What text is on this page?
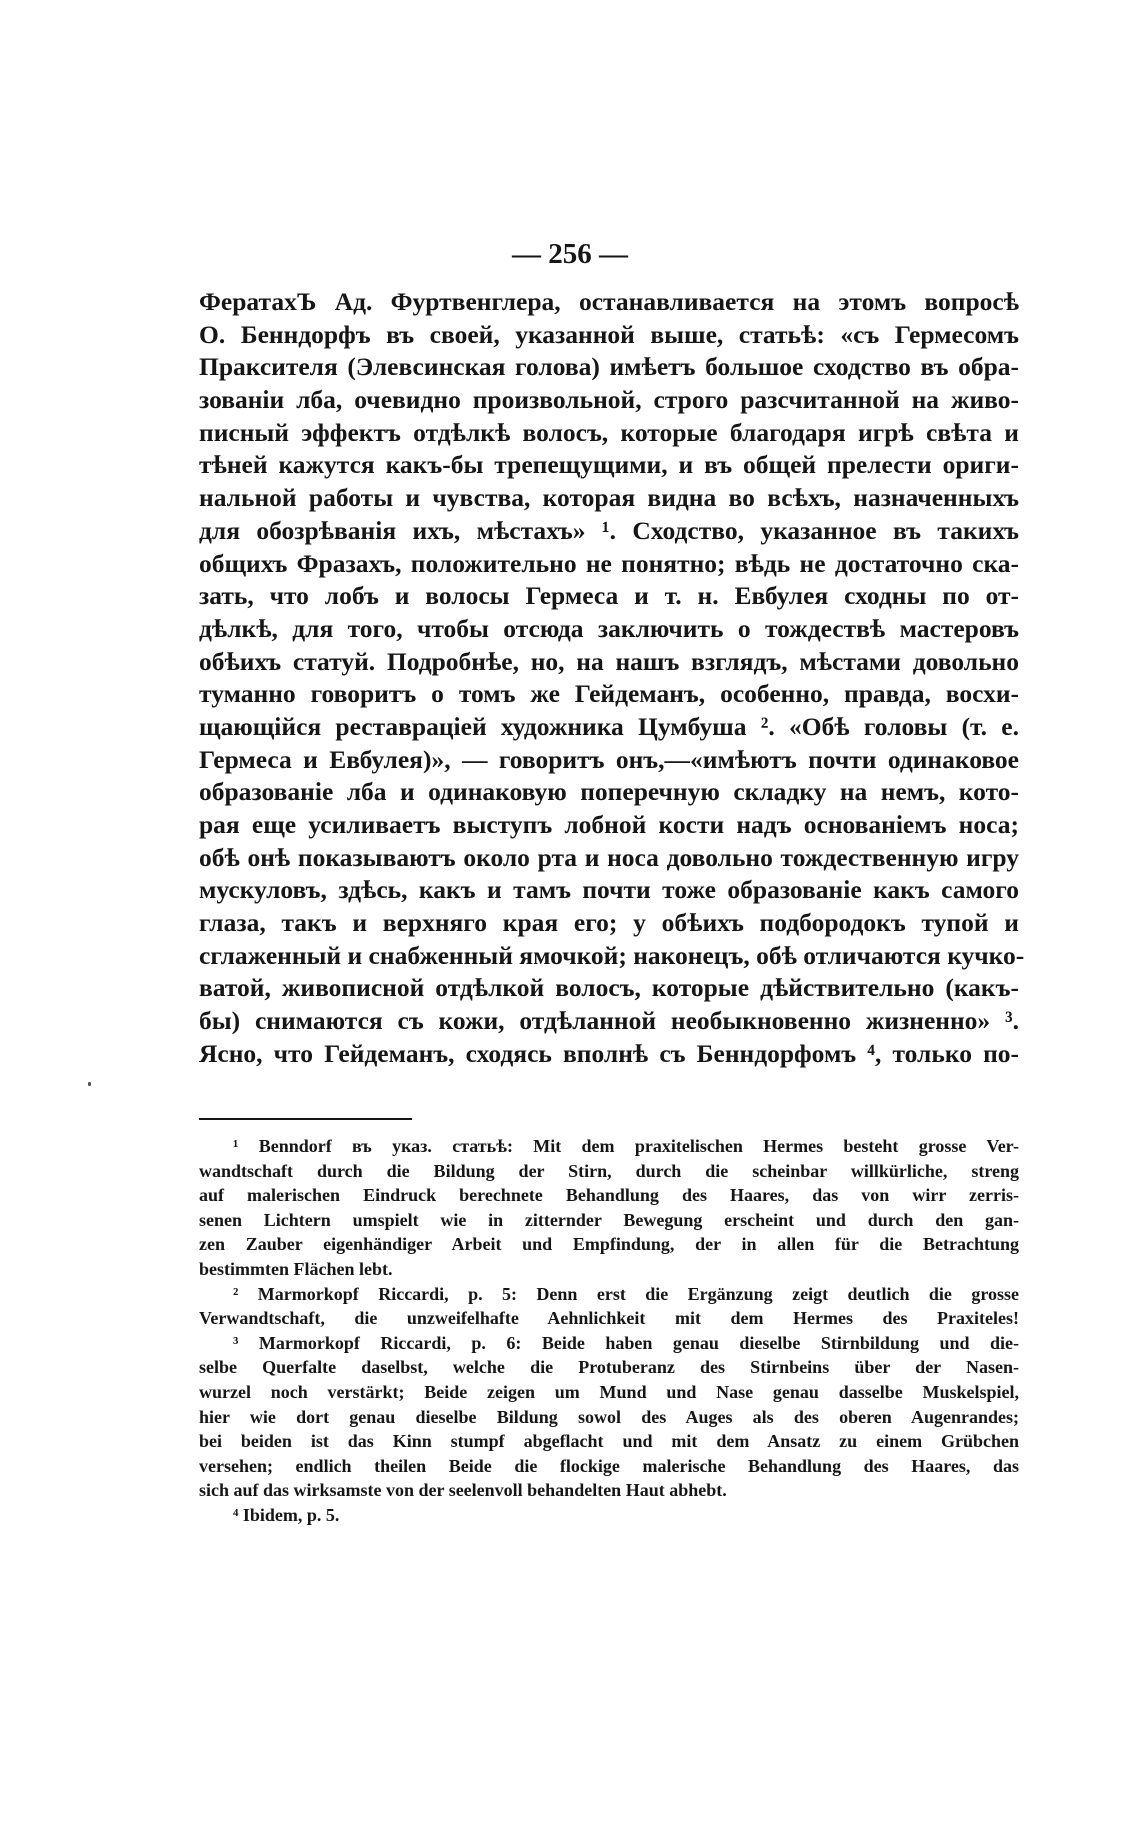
— 256 —
ФератахЪ Ад. Фуртвенглера, останавливается на этомъ вопросѣ
О. Бенндорфъ въ своей, указанной выше, статьѣ: «съ Гермесомъ
Праксителя (Элевсинская голова) имѣетъ большое сходство въ обра-
зованіи лба, очевидно произвольной, строго разсчитанной на живо-
писный эффектъ отдѣлкѣ волосъ, которые благодаря игрѣ свѣта и
тѣней кажутся какъ-бы трепещущими, и въ общей прелести ориги-
нальной работы и чувства, которая видна во всѣхъ, назначенныхъ
для обозрѣванія ихъ, мѣстахъ» ¹. Сходство, указанное въ такихъ
общихъ Фразахъ, положительно не понятно; вѣдь не достаточно ска-
зать, что лобъ и волосы Гермеса и т. н. Евбулея сходны по от-
дѣлкѣ, для того, чтобы отсюда заключить о тождествѣ мастеровъ
обѣихъ статуй. Подробнѣе, но, на нашъ взглядъ, мѣстами довольно
туманно говоритъ о томъ же Гейдеманъ, особенно, правда, восхи-
щающійся реставраціей художника Цумбуша ². «Обѣ головы (т. е.
Гермеса и Евбулея)», — говоритъ онъ,—«имѣютъ почти одинаковое
образованіе лба и одинаковую поперечную складку на немъ, кото-
рая еще усиливаетъ выступъ лобной кости надъ основаніемъ носа;
обѣ онѣ показываютъ около рта и носа довольно тождественную игру
мускуловъ, здѣсь, какъ и тамъ почти тоже образованіе какъ самого
глаза, такъ и верхняго края его; у обѣихъ подбородокъ тупой и
сглаженный и снабженный ямочкой; наконецъ, обѣ отличаются кучко-
ватой, живописной отдѣлкой волосъ, которые дѣйствительно (какъ-
бы) снимаются съ кожи, отдѣланной необыкновенно жизненно» ³.
Ясно, что Гейдеманъ, сходясь вполнѣ съ Бенндорфомъ ⁴, только по-
¹ Benndorf въ указ. статьѣ: Mit dem praxitelischen Hermes besteht grosse Ver-
wandtschaft durch die Bildung der Stirn, durch die scheinbar willkürliche, streng
auf malerischen Eindruck berechnete Behandlung des Haares, das von wirr zerris-
senen Lichtern umspielt wie in zitternder Bewegung erscheint und durch den gan-
zen Zauber eigenhändiger Arbeit und Empfindung, der in allen für die Betrachtung
bestimmten Flächen lebt.
² Marmorkopf Riccardi, p. 5: Denn erst die Ergänzung zeigt deutlich die grosse
Verwandtschaft, die unzweifelhafte Aehnlichkeit mit dem Hermes des Praxiteles!
³ Marmorkopf Riccardi, p. 6: Beide haben genau dieselbe Stirnbildung und die-
selbe Querfalte daselbst, welche die Protuberanz des Stirnbeins über der Nasen-
wurzel noch verstärkt; Beide zeigen um Mund und Nase genau dasselbe Muskelspiel,
hier wie dort genau dieselbe Bildung sowol des Auges als des oberen Augenrandes;
bei beiden ist das Kinn stumpf abgeflacht und mit dem Ansatz zu einem Grübchen
versehen; endlich theilen Beide die flockige malerische Behandlung des Haares, das
sich auf das wirksamste von der seelenvoll behandelten Haut abhebt.
⁴ Ibidem, p. 5.
